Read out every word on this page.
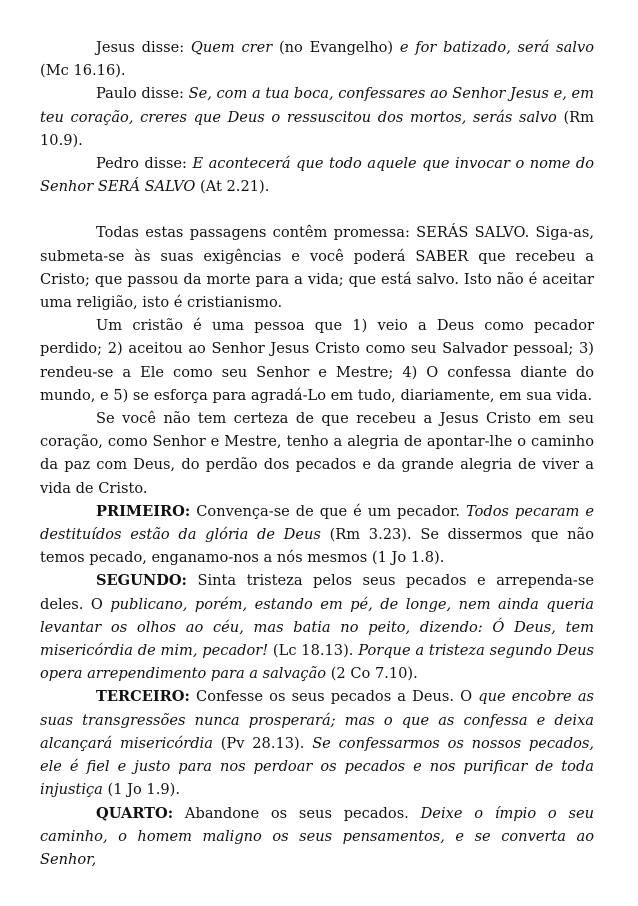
Jesus disse: Quem crer (no Evangelho) e for batizado, será salvo (Mc 16.16).

Paulo disse: Se, com a tua boca, confessares ao Senhor Jesus e, em teu coração, creres que Deus o ressuscitou dos mortos, serás salvo (Rm 10.9).

Pedro disse: E acontecerá que todo aquele que invocar o nome do Senhor SERÁ SALVO (At 2.21).

Todas estas passagens contêm promessa: SERÁS SALVO. Siga-as, submeta-se às suas exigências e você poderá SABER que recebeu a Cristo; que passou da morte para a vida; que está salvo. Isto não é aceitar uma religião, isto é cristianismo.

Um cristão é uma pessoa que 1) veio a Deus como pecador perdido; 2) aceitou ao Senhor Jesus Cristo como seu Salvador pessoal; 3) rendeu-se a Ele como seu Senhor e Mestre; 4) O confessa diante do mundo, e 5) se esforça para agradá-Lo em tudo, diariamente, em sua vida.

Se você não tem certeza de que recebeu a Jesus Cristo em seu coração, como Senhor e Mestre, tenho a alegria de apontar-lhe o caminho da paz com Deus, do perdão dos pecados e da grande alegria de viver a vida de Cristo.

PRIMEIRO: Convença-se de que é um pecador. Todos pecaram e destituídos estão da glória de Deus (Rm 3.23). Se dissermos que não temos pecado, enganamo-nos a nós mesmos (1 Jo 1.8).

SEGUNDO: Sinta tristeza pelos seus pecados e arrependa-se deles. O publicano, porém, estando em pé, de longe, nem ainda queria levantar os olhos ao céu, mas batia no peito, dizendo: Ó Deus, tem misericórdia de mim, pecador! (Lc 18.13). Porque a tristeza segundo Deus opera arrependimento para a salvação (2 Co 7.10).

TERCEIRO: Confesse os seus pecados a Deus. O que encobre as suas transgressões nunca prosperará; mas o que as confessa e deixa alcançará misericórdia (Pv 28.13). Se confessarmos os nossos pecados, ele é fiel e justo para nos perdoar os pecados e nos purificar de toda injustiça (1 Jo 1.9).

QUARTO: Abandone os seus pecados. Deixe o ímpio o seu caminho, o homem maligno os seus pensamentos, e se converta ao Senhor,
